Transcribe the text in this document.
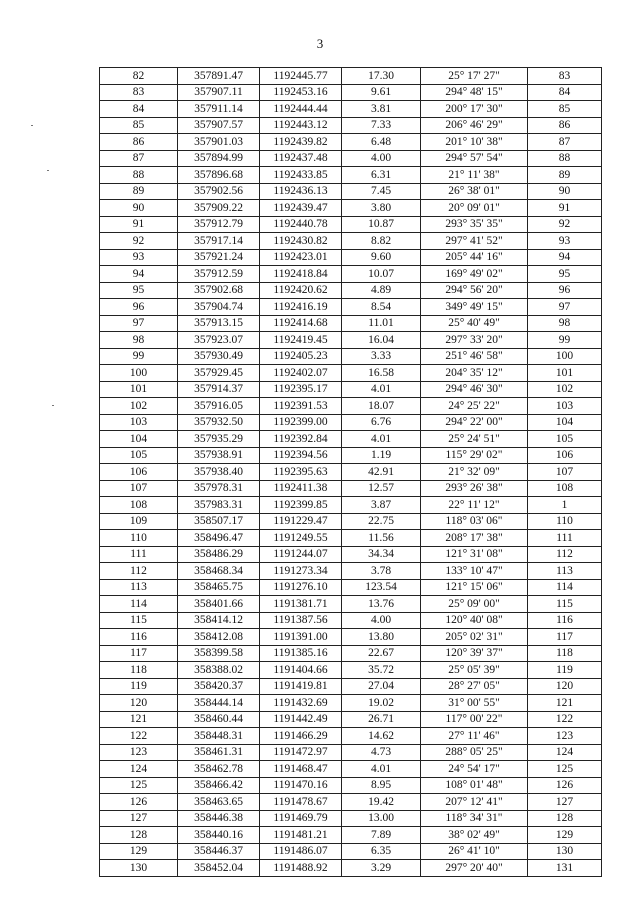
3
82	357891.47	1192445.77	17.30	25° 17' 27"	83
83	357907.11	1192453.16	9.61	294° 48' 15"	84
84	357911.14	1192444.44	3.81	200° 17' 30"	85
85	357907.57	1192443.12	7.33	206° 46' 29"	86
86	357901.03	1192439.82	6.48	201° 10' 38"	87
87	357894.99	1192437.48	4.00	294° 57' 54"	88
88	357896.68	1192433.85	6.31	21° 11' 38"	89
89	357902.56	1192436.13	7.45	26° 38' 01"	90
90	357909.22	1192439.47	3.80	20° 09' 01"	91
91	357912.79	1192440.78	10.87	293° 35' 35"	92
92	357917.14	1192430.82	8.82	297° 41' 52"	93
93	357921.24	1192423.01	9.60	205° 44' 16"	94
94	357912.59	1192418.84	10.07	169° 49' 02"	95
95	357902.68	1192420.62	4.89	294° 56' 20"	96
96	357904.74	1192416.19	8.54	349° 49' 15"	97
97	357913.15	1192414.68	11.01	25° 40' 49"	98
98	357923.07	1192419.45	16.04	297° 33' 20"	99
99	357930.49	1192405.23	3.33	251° 46' 58"	100
100	357929.45	1192402.07	16.58	204° 35' 12"	101
101	357914.37	1192395.17	4.01	294° 46' 30"	102
102	357916.05	1192391.53	18.07	24° 25' 22"	103
103	357932.50	1192399.00	6.76	294° 22' 00"	104
104	357935.29	1192392.84	4.01	25° 24' 51"	105
105	357938.91	1192394.56	1.19	115° 29' 02"	106
106	357938.40	1192395.63	42.91	21° 32' 09"	107
107	357978.31	1192411.38	12.57	293° 26' 38"	108
108	357983.31	1192399.85	3.87	22° 11' 12"	1
109	358507.17	1191229.47	22.75	118° 03' 06"	110
110	358496.47	1191249.55	11.56	208° 17' 38"	111
111	358486.29	1191244.07	34.34	121° 31' 08"	112
112	358468.34	1191273.34	3.78	133° 10' 47"	113
113	358465.75	1191276.10	123.54	121° 15' 06"	114
114	358401.66	1191381.71	13.76	25° 09' 00"	115
115	358414.12	1191387.56	4.00	120° 40' 08"	116
116	358412.08	1191391.00	13.80	205° 02' 31"	117
117	358399.58	1191385.16	22.67	120° 39' 37"	118
118	358388.02	1191404.66	35.72	25° 05' 39"	119
119	358420.37	1191419.81	27.04	28° 27' 05"	120
120	358444.14	1191432.69	19.02	31° 00' 55"	121
121	358460.44	1191442.49	26.71	117° 00' 22"	122
122	358448.31	1191466.29	14.62	27° 11' 46"	123
123	358461.31	1191472.97	4.73	288° 05' 25"	124
124	358462.78	1191468.47	4.01	24° 54' 17"	125
125	358466.42	1191470.16	8.95	108° 01' 48"	126
126	358463.65	1191478.67	19.42	207° 12' 41"	127
127	358446.38	1191469.79	13.00	118° 34' 31"	128
128	358440.16	1191481.21	7.89	38° 02' 49"	129
129	358446.37	1191486.07	6.35	26° 41' 10"	130
130	358452.04	1191488.92	3.29	297° 20' 40"	131
